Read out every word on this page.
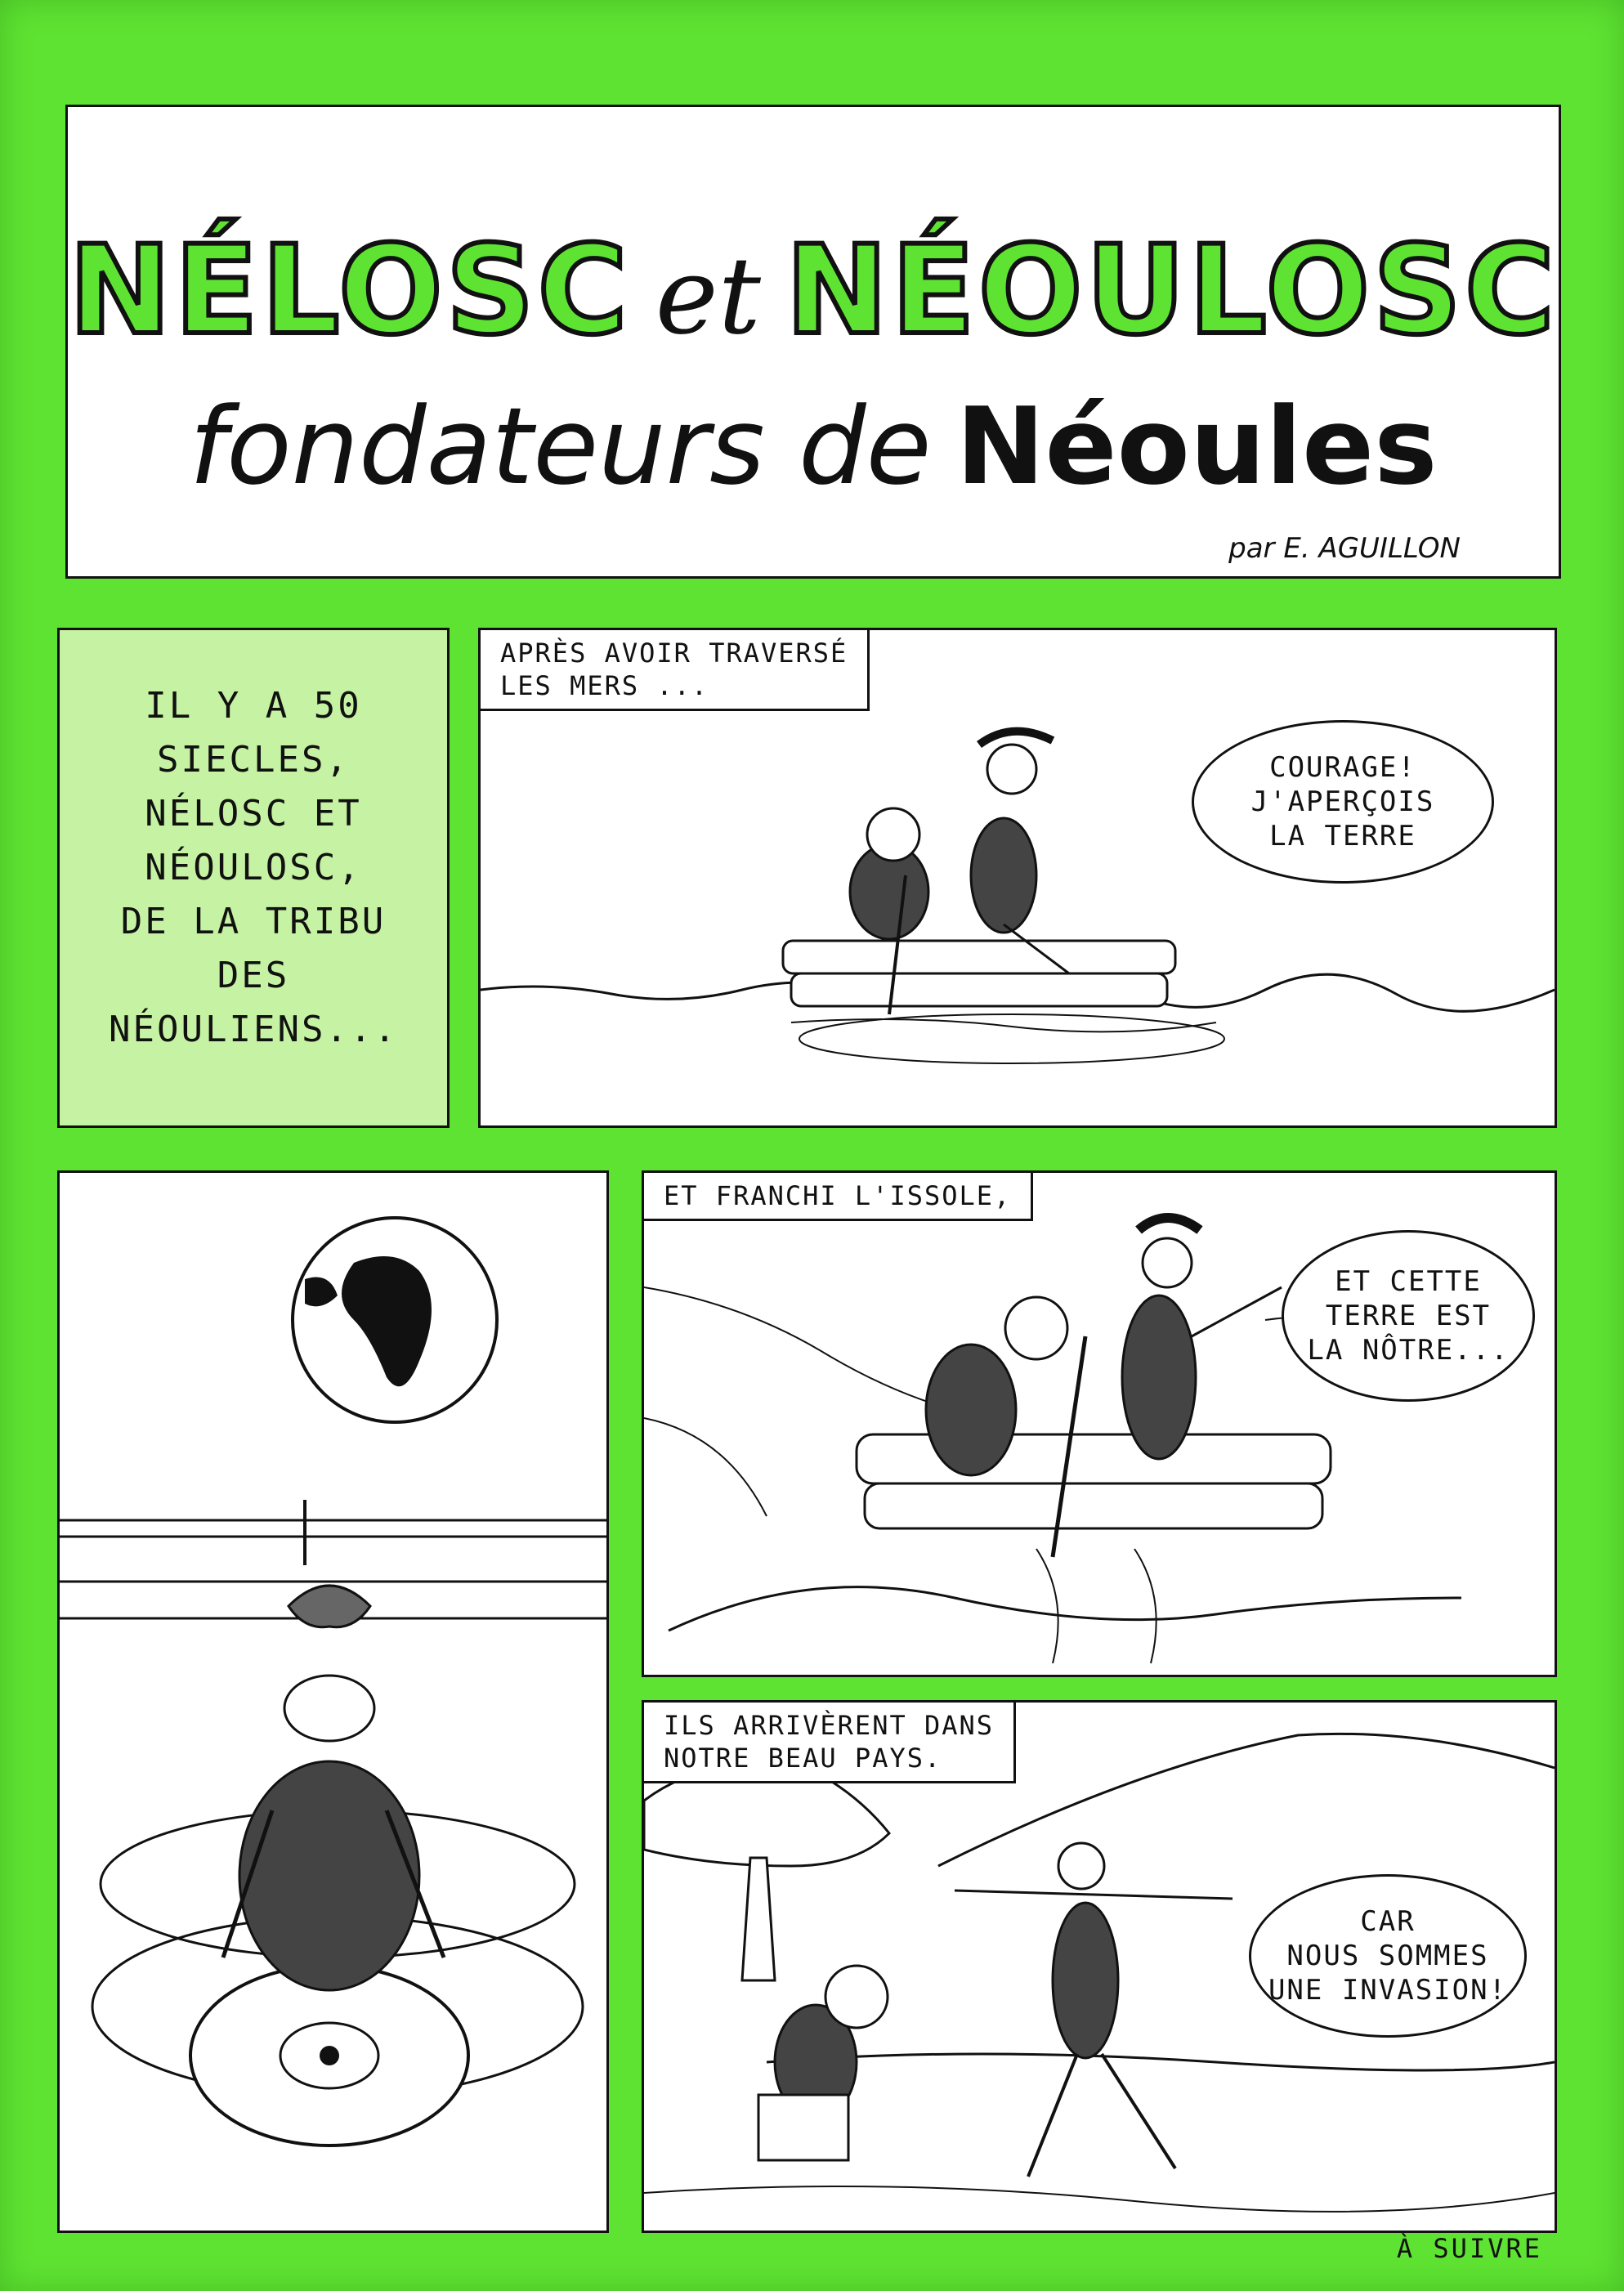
NÉLOSC et NÉOULOSC
fondateurs de Néoules
par E. AGUILLON
IL Y A 50
SIECLES,
NÉLOSC ET
NÉOULOSC,
DE LA TRIBU
DES
NÉOULIENS...
APRÈS AVOIR TRAVERSÉ
LES MERS ...
COURAGE!
J'APERÇOIS
LA TERRE
ET FRANCHI L'ISSOLE,
ET CETTE
TERRE EST
LA NÔTRE...
ILS ARRIVÈRENT DANS
NOTRE BEAU PAYS.
CAR
NOUS SOMMES
UNE INVASION!
À SUIVRE
